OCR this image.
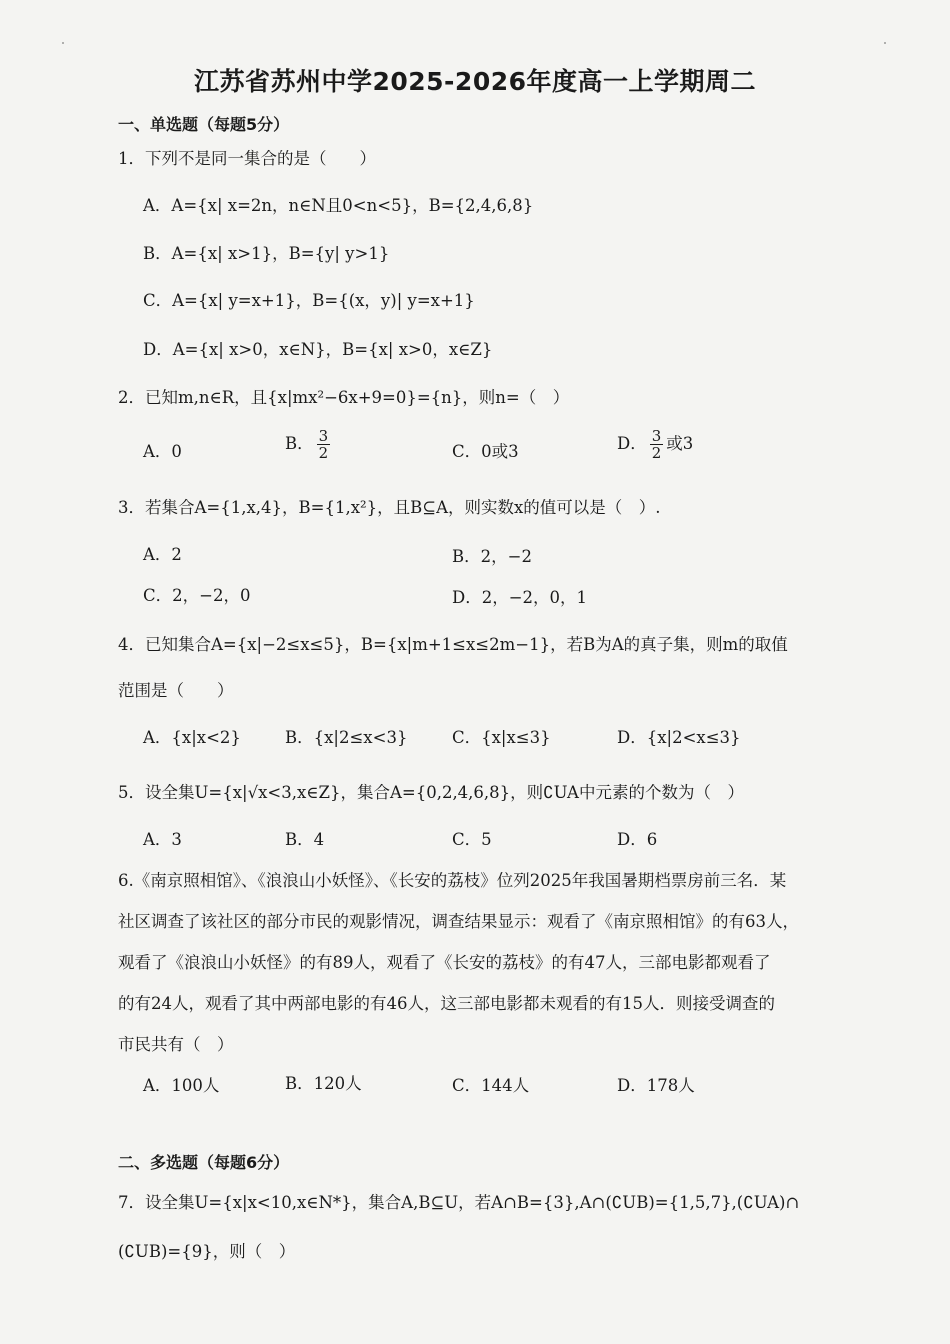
江苏省苏州中学2025-2026年度高一上学期周二
一、单选题（每题5分）
1．下列不是同一集合的是（　　）
A．A={x| x=2n，n∈N且0<n<5}，B={2,4,6,8}
B．A={x| x>1}，B={y| y>1}
C．A={x| y=x+1}，B={(x，y)| y=x+1}
D．A={x| x>0，x∈N}，B={x| x>0，x∈Z}
2．已知m,n∈R，且{x|mx²−6x+9=0}={n}，则n=（　）
A．0	B． $\frac{3}{2}$	C．0或3	D． $\frac{3}{2}$ 或3
3．若集合A={1,x,4}，B={1,x²}，且B⊆A，则实数x的值可以是（　）.
A．2	B．2，−2
C．2，−2，0	D．2，−2，0，1
4．已知集合A={x|−2≤x≤5}，B={x|m+1≤x≤2m−1}，若B为A的真子集，则m的取值
范围是（　　）
A．{x|x<2}	B．{x|2≤x<3}	C．{x|x≤3}	D．{x|2<x≤3}
5．设全集U={x|√x<3,x∈Z}，集合A={0,2,4,6,8}，则∁UA中元素的个数为（　）
A．3	B．4	C．5	D．6
6.《南京照相馆》、《浪浪山小妖怪》、《长安的荔枝》位列2025年我国暑期档票房前三名．某
社区调查了该社区的部分市民的观影情况，调查结果显示：观看了《南京照相馆》的有63人，
观看了《浪浪山小妖怪》的有89人，观看了《长安的荔枝》的有47人，三部电影都观看了
的有24人，观看了其中两部电影的有46人，这三部电影都未观看的有15人．则接受调查的
市民共有（　）
A．100人	B．120人	C．144人	D．178人
二、多选题（每题6分）
7．设全集U={x|x<10,x∈N*}，集合A,B⊆U，若A∩B={3},A∩(∁UB)={1,5,7},(∁UA)∩
(∁UB)={9}，则（　）
